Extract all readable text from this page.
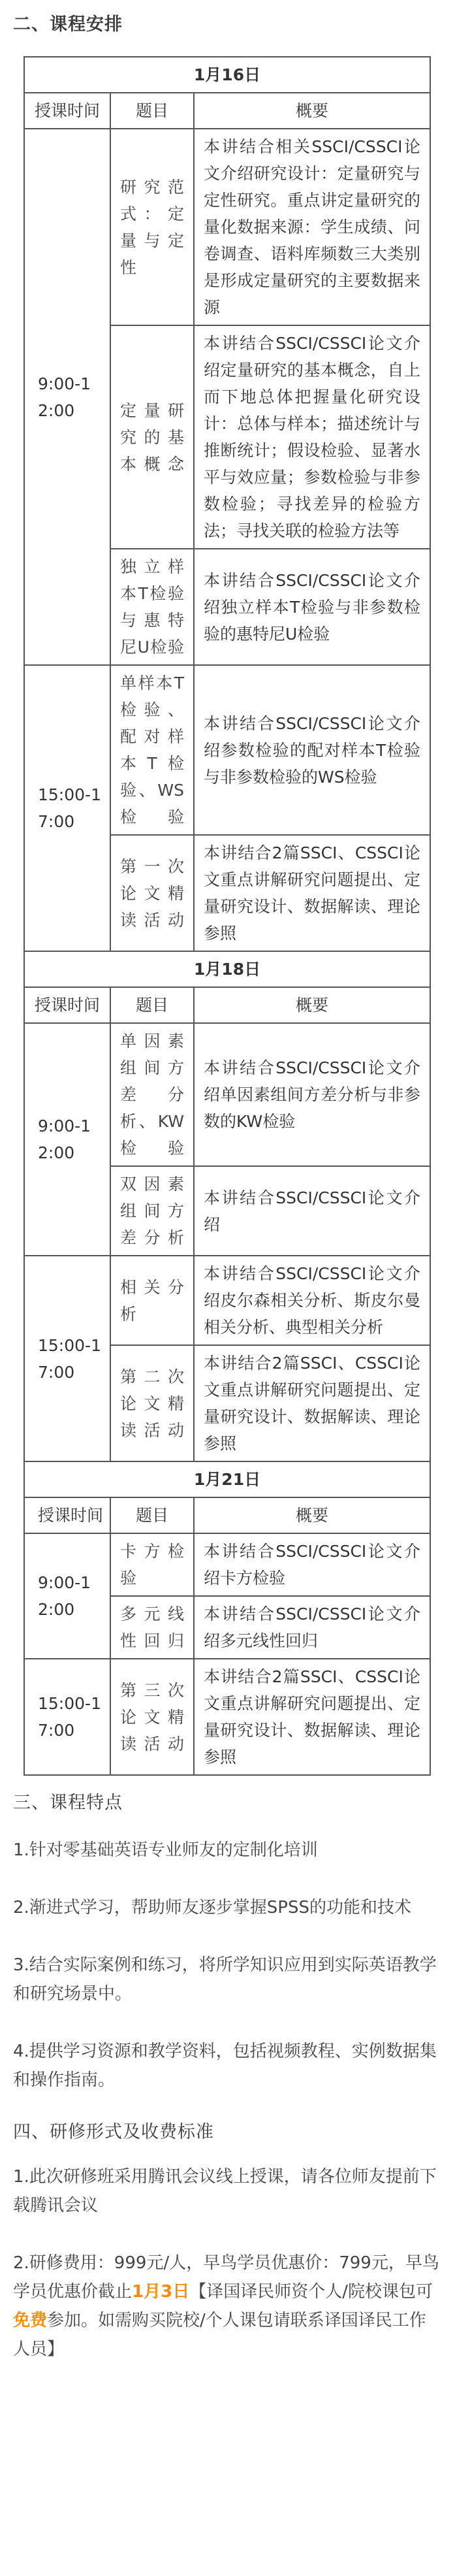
二、课程安排
1月16日		
授课时间	题目	概要
9:00-12:00	研究范式：定量与定性	本讲结合相关SSCI/CSSCI论文介绍研究设计：定量研究与定性研究。重点讲定量研究的量化数据来源：学生成绩、问卷调查、语料库频数三大类别是形成定量研究的主要数据来源
	定量研究的基本概念	本讲结合SSCI/CSSCI论文介绍定量研究的基本概念，自上而下地总体把握量化研究设计：总体与样本；描述统计与推断统计；假设检验、显著水平与效应量；参数检验与非参数检验；寻找差异的检验方法；寻找关联的检验方法等
	独立样本T检验与惠特尼U检验	本讲结合SSCI/CSSCI论文介绍独立样本T检验与非参数检验的惠特尼U检验
15:00-17:00	单样本T检验、配对样本T检验、WS检验	本讲结合SSCI/CSSCI论文介绍参数检验的配对样本T检验与非参数检验的WS检验
	第一次论文精读活动	本讲结合2篇SSCI、CSSCI论文重点讲解研究问题提出、定量研究设计、数据解读、理论参照
1月18日		
授课时间	题目	概要
9:00-12:00	单因素组间方差分析、KW检验	本讲结合SSCI/CSSCI论文介绍单因素组间方差分析与非参数的KW检验
	双因素组间方差分析	本讲结合SSCI/CSSCI论文介绍
15:00-17:00	相关分析	本讲结合SSCI/CSSCI论文介绍皮尔森相关分析、斯皮尔曼相关分析、典型相关分析
	第二次论文精读活动	本讲结合2篇SSCI、CSSCI论文重点讲解研究问题提出、定量研究设计、数据解读、理论参照
1月21日		
授课时间	题目	概要
9:00-12:00	卡方检验	本讲结合SSCI/CSSCI论文介绍卡方检验
	多元线性回归	本讲结合SSCI/CSSCI论文介绍多元线性回归
15:00-17:00	第三次论文精读活动	本讲结合2篇SSCI、CSSCI论文重点讲解研究问题提出、定量研究设计、数据解读、理论参照
三、课程特点

1.针对零基础英语专业师友的定制化培训

2.渐进式学习，帮助师友逐步掌握SPSS的功能和技术

3.结合实际案例和练习，将所学知识应用到实际英语教学和研究场景中。

4.提供学习资源和教学资料，包括视频教程、实例数据集和操作指南。

四、研修形式及收费标准

1.此次研修班采用腾讯会议线上授课，请各位师友提前下载腾讯会议

2.研修费用：999元/人，早鸟学员优惠价：799元，早鸟学员优惠价截止1月3日【译国译民师资个人/院校课包可免费参加。如需购买院校/个人课包请联系译国译民工作人员】
